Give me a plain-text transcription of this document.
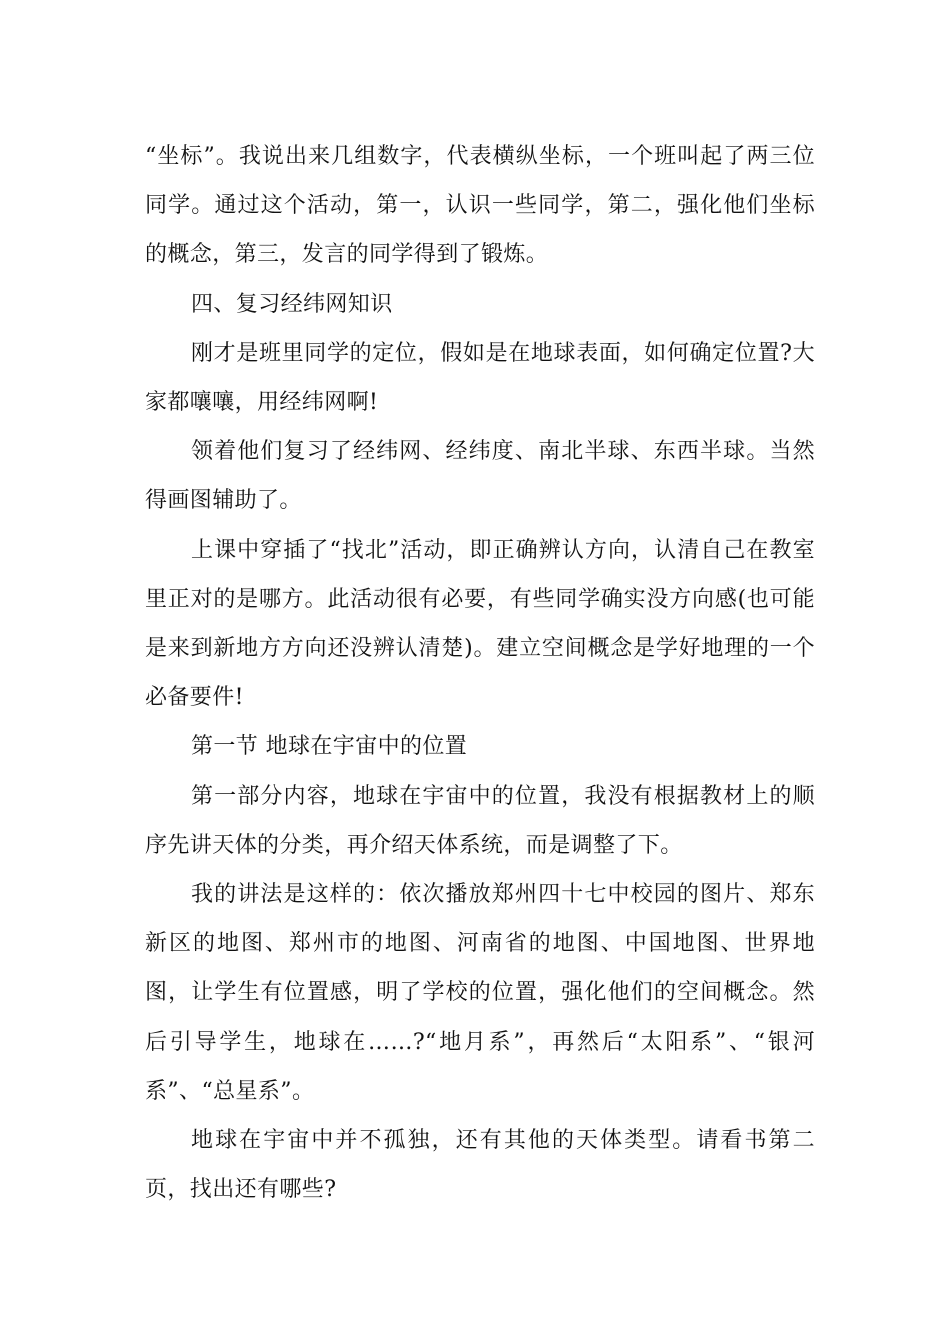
“坐标”。我说出来几组数字，代表横纵坐标，一个班叫起了两三位同学。通过这个活动，第一，认识一些同学，第二，强化他们坐标的概念，第三，发言的同学得到了锻炼。

四、复习经纬网知识

刚才是班里同学的定位，假如是在地球表面，如何确定位置?大家都嚷嚷，用经纬网啊!

领着他们复习了经纬网、经纬度、南北半球、东西半球。当然得画图辅助了。

上课中穿插了“找北”活动，即正确辨认方向，认清自己在教室里正对的是哪方。此活动很有必要，有些同学确实没方向感(也可能是来到新地方方向还没辨认清楚)。建立空间概念是学好地理的一个必备要件!

第一节 地球在宇宙中的位置

第一部分内容，地球在宇宙中的位置，我没有根据教材上的顺序先讲天体的分类，再介绍天体系统，而是调整了下。

我的讲法是这样的：依次播放郑州四十七中校园的图片、郑东新区的地图、郑州市的地图、河南省的地图、中国地图、世界地图，让学生有位置感，明了学校的位置，强化他们的空间概念。然后引导学生，地球在……?“地月系”，再然后“太阳系”、“银河系”、“总星系”。

地球在宇宙中并不孤独，还有其他的天体类型。请看书第二页，找出还有哪些?
